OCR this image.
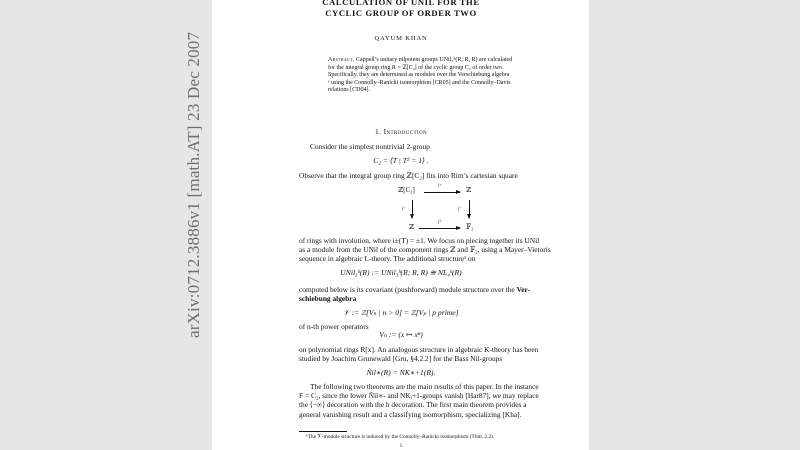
arXiv:0712.3886v1 [math.AT] 23 Dec 2007
CALCULATION OF UNIL FOR THE
CYCLIC GROUP OF ORDER TWO
QAYUM KHAN
Abstract. Cappell’s unitary nilpotent groups UNil₃ʰ(R; R, R) are calculated
for the integral group ring R = ℤ[C₂] of the cyclic group C₂ of order two.
Specifically, they are determined as modules over the Verschiebung algebra
ᵋ using the Connolly–Ranicki isomorphism [CR05] and the Connolly–Davis
relations [CD04].
1. Introduction
Consider the simplest nontrivial 2-group
C₂ = ⟨T | T² = 1⟩ .
Observe that the integral group ring ℤ[C₂] fits into Rim’s cartesian square
ℤ[C₂]	ℤ
ℤ	𝔽₂
i⁺
j⁺
i⁻	j⁻
of rings with involution, where i±(T) = ±1. We focus on piecing together its UNil
as a module from the UNil of the component rings ℤ and 𝔽₂, using a Mayer–Vietoris
sequence in algebraic L-theory. The additional structure¹ on
UNil₃ʰ(R) := UNil₃ʰ(R; R, R) ≅ NL₄ʰ(R)
computed below is its covariant (pushforward) module structure over the Ver-
schiebung algebra
𝒱 := ℤ[Vₙ | n > 0] = ℤ[Vₚ | p prime]
of n-th power operators
Vₙ := (x ↦ xⁿ)
on polynomial rings R[x]. An analogous structure in algebraic K-theory has been
studied by Joachim Grunewald [Gru, §4.2.2] for the Bass Nil-groups
Ñil∗(R) = NK∗+1(R).
The following two theorems are the main results of this paper. In the instance
F = C₂, since the lower Ñil∗- and NKᵢ+1-groups vanish [Har87], we may replace
the ⟨−∞⟩ decoration with the h decoration. The first main theorem provides a
general vanishing result and a classifying isomorphism, specializing [Kha].
¹The 𝒱-module structure is induced by the Connolly–Ranicki isomorphism (Thm. 2.2).
1
